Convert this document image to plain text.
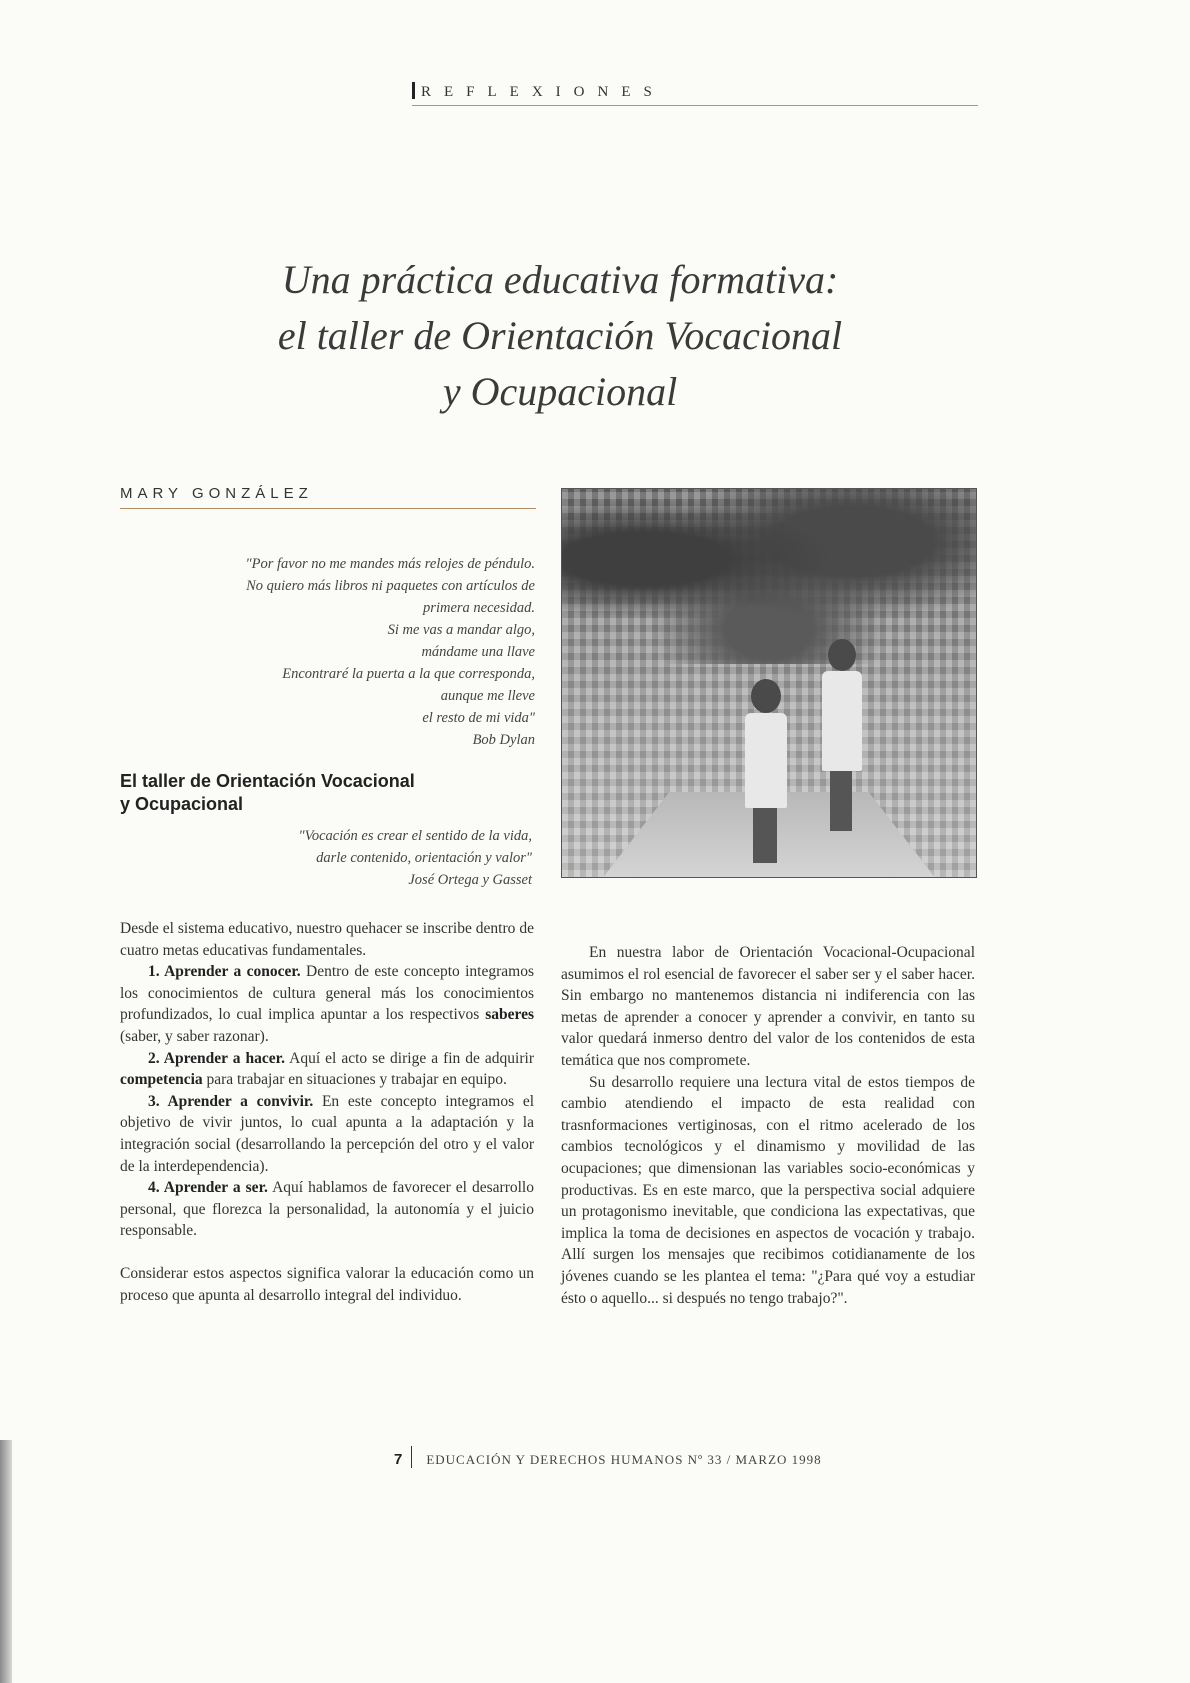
REFLEXIONES
Una práctica educativa formativa:
el taller de Orientación Vocacional
y Ocupacional
MARY GONZÁLEZ

"Por favor no me mandes más relojes de péndulo.

No quiero más libros ni paquetes con artículos de

primera necesidad.

Si me vas a mandar algo,

mándame una llave

Encontraré la puerta a la que corresponda,

aunque me lleve

el resto de mi vida"

Bob Dylan

El taller de Orientación Vocacional
y Ocupacional

"Vocación es crear el sentido de la vida,

darle contenido, orientación y valor"

José Ortega y Gasset

Desde el sistema educativo, nuestro quehacer se inscribe dentro de cuatro metas educativas fundamentales.

1. Aprender a conocer. Dentro de este concepto integramos los conocimientos de cultura general más los conocimientos profundizados, lo cual implica apuntar a los respectivos saberes (saber, y saber razonar).

2. Aprender a hacer. Aquí el acto se dirige a fin de adquirir competencia para trabajar en situaciones y trabajar en equipo.

3. Aprender a convivir. En este concepto integramos el objetivo de vivir juntos, lo cual apunta a la adaptación y la integración social (desarrollando la percepción del otro y el valor de la interdependencia).

4. Aprender a ser. Aquí hablamos de favorecer el desarrollo personal, que florezca la personalidad, la autonomía y el juicio responsable.

Considerar estos aspectos significa valorar la educación como un proceso que apunta al desarrollo integral del individuo.

En nuestra labor de Orientación Vocacional-Ocupacional asumimos el rol esencial de favorecer el saber ser y el saber hacer. Sin embargo no mantenemos distancia ni indiferencia con las metas de aprender a conocer y aprender a convivir, en tanto su valor quedará inmerso dentro del valor de los contenidos de esta temática que nos compromete.

Su desarrollo requiere una lectura vital de estos tiempos de cambio atendiendo el impacto de esta realidad con trasnformaciones vertiginosas, con el ritmo acelerado de los cambios tecnológicos y el dinamismo y movilidad de las ocupaciones; que dimensionan las variables socio-económicas y productivas. Es en este marco, que la perspectiva social adquiere un protagonismo inevitable, que condiciona las expectativas, que implica la toma de decisiones en aspectos de vocación y trabajo. Allí surgen los mensajes que recibimos cotidianamente de los jóvenes cuando se les plantea el tema: "¿Para qué voy a estudiar ésto o aquello... si después no tengo trabajo?".

7 EDUCACIÓN Y DERECHOS HUMANOS Nº 33 / MARZO 1998
